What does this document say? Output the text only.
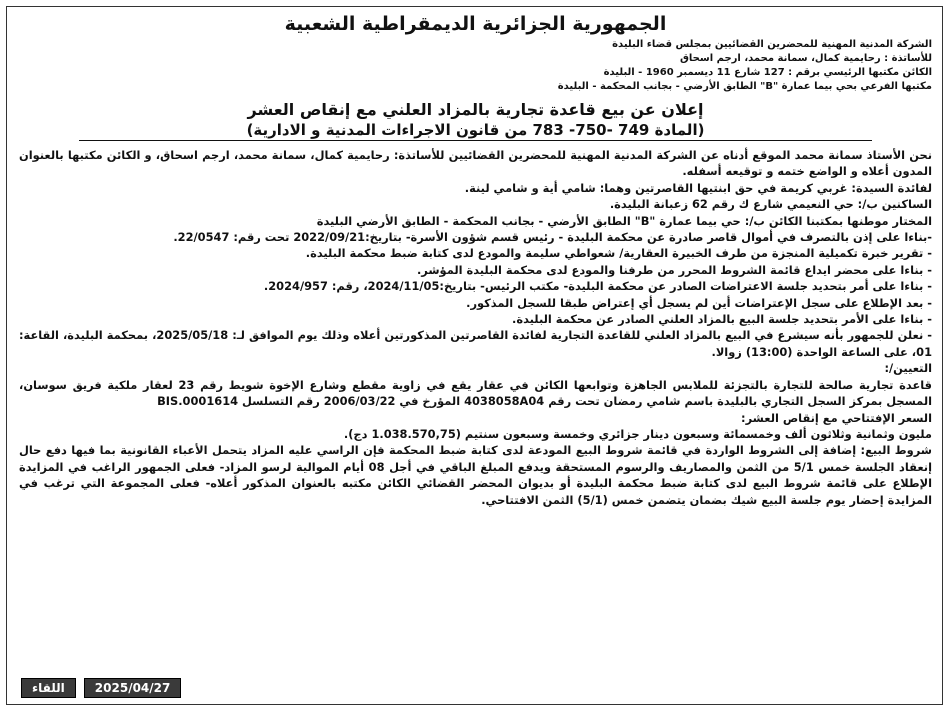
الجمهورية الجزائرية الديمقراطية الشعبية
الشركة المدنية المهنية للمحضرين القضائيين بمجلس قضاء البليدة
للأساتذة : رحايمية كمال، سمانة محمد، ارجم اسحاق
الكائن مكتبها الرئيسي برقم : 127 شارع 11 ديسمبر 1960 - البليدة
مكتبها الفرعي بحي بيما عمارة "B" الطابق الأرضي - بجانب المحكمة - البليدة
إعلان عن بيع قاعدة تجارية بالمزاد العلني مع إنقاص العشر
(المادة 749 -750- 783 من قانون الاجراءات المدنية و الادارية)

نحن الأستاذ سمانة محمد الموقع أدناه عن الشركة المدنية المهنية للمحضرين القضائيين للأساتذة: رحايمية كمال، سمانة محمد، ارجم اسحاق، و الكائن مكتبها بالعنوان المدون أعلاه و الواضع ختمه و توقيعه أسفله.

لفائدة السيدة: غربي كريمة في حق ابنتيها القاصرتين وهما: شامي أية و شامي لينة.

الساكنين ب/: حي النعيمي شارع ك رقم 62 زعبانة البليدة.

المختار موطنها بمكتبنا الكائن ب/: حي بيما عمارة "B" الطابق الأرضي - بجانب المحكمة - الطابق الأرضي البليدة

-بناءا على إذن بالتصرف في أموال قاصر صادرة عن محكمة البليدة - رئيس قسم شؤون الأسرة- بتاريخ:2022/09/21 تحت رقم: 22/0547.

- تقرير خبرة تكميلية المنجزة من طرف الخبيرة العقارية/ شعواطي سليمة والمودع لدى كتابة ضبط محكمة البليدة.

- بناءا على محضر ايداع قائمة الشروط المحرر من طرفنا والمودع لدى محكمة البليدة المؤشر.

- بناءا على أمر بتحديد جلسة الاعتراضات الصادر عن محكمة البليدة- مكتب الرئيس- بتاريخ:2024/11/05، رقم: 2024/957.

- بعد الإطلاع على سجل الإعتراضات أين لم يسجل أي إعتراض طبقا للسجل المذكور.

- بناءا على الأمر بتحديد جلسة البيع بالمزاد العلني الصادر عن محكمة البليدة.

- نعلن للجمهور بأنه سيشرع في البيع بالمزاد العلني للقاعدة التجارية لفائدة القاصرتين المذكورتين أعلاه وذلك يوم الموافق لـ: 2025/05/18، بمحكمة البليدة، القاعة: 01، على الساعة الواحدة (13:00) زوالا.

التعيين/:

قاعدة تجارية صالحة للتجارة بالتجزئة للملابس الجاهزة وتوابعها الكائن في عقار يقع في زاوية مقطع وشارع الإخوة شويط رقم 23 لعقار ملكية فريق سوسان، المسجل بمركز السجل التجاري بالبليدة باسم شامي رمضان تحت رقم 4038058A04 المؤرخ في 2006/03/22 رقم التسلسل BIS.0001614

السعر الإفتتاحي مع إنقاص العشر:

مليون وثمانية وثلاثون ألف وخمسمائة وسبعون دينار جزائري وخمسة وسبعون سنتيم (1.038.570,75 دج).

شروط البيع: إضافة إلى الشروط الواردة في قائمة شروط البيع المودعة لدى كتابة ضبط المحكمة فإن الراسي عليه المزاد يتحمل الأعباء القانونية بما فيها دفع حال إنعقاد الجلسة خمس 5/1 من الثمن والمصاريف والرسوم المستحقة ويدفع المبلغ الباقي في أجل 08 أيام الموالية لرسو المزاد- فعلى الجمهور الراغب في المزايدة الإطلاع على قائمة شروط البيع لدى كتابة ضبط محكمة البليدة أو بديوان المحضر القضائي الكائن مكتبه بالعنوان المذكور أعلاه- فعلى المجموعة التي ترغب في المزايدة إحضار يوم جلسة البيع شيك بضمان يتضمن خمس (5/1) الثمن الافتتاحي.

اللقاء	2025/04/27
